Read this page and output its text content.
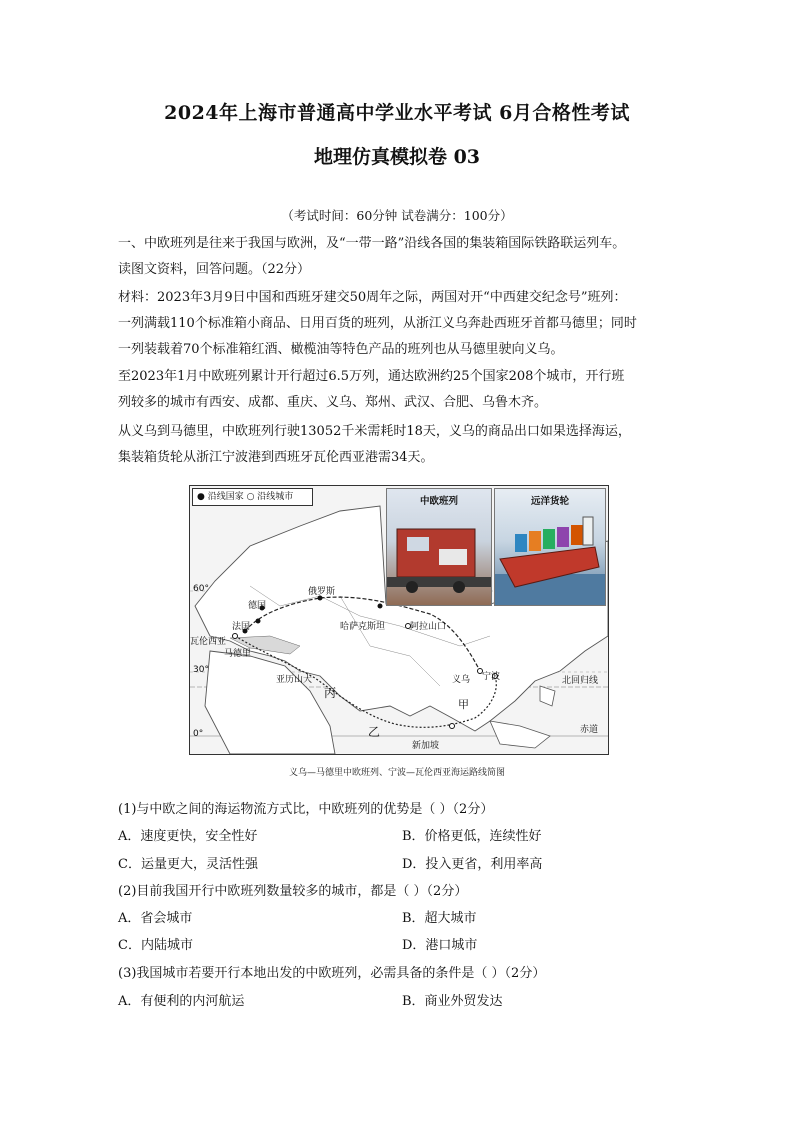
2024年上海市普通高中学业水平考试 6月合格性考试
地理仿真模拟卷 03
（考试时间：60分钟 试卷满分：100分）
一、中欧班列是往来于我国与欧洲，及“一带一路”沿线各国的集装箱国际铁路联运列车。
读图文资料，回答问题。（22分）
材料：2023年3月9日中国和西班牙建交50周年之际，两国对开“中西建交纪念号”班列：
一列满载110个标准箱小商品、日用百货的班列，从浙江义乌奔赴西班牙首都马德里；同时
一列装载着70个标准箱红酒、橄榄油等特色产品的班列也从马德里驶向义乌。
至2023年1月中欧班列累计开行超过6.5万列，通达欧洲约25个国家208个城市，开行班
列较多的城市有西安、成都、重庆、义乌、郑州、武汉、合肥、乌鲁木齐。
从义乌到马德里，中欧班列行驶13052千米需耗时18天，义乌的商品出口如果选择海运，
集装箱货轮从浙江宁波港到西班牙瓦伦西亚港需34天。
● 沿线国家 ○ 沿线城市	中欧班列	远洋货轮
60°
30°
0°
北回归线
赤道
俄罗斯
德国
法国
瓦伦西亚
马德里
哈萨克斯坦	阿拉山口
亚历山大
丙
乙
甲
义乌 宁波
新加坡
义乌—马德里中欧班列、宁波—瓦伦西亚海运路线简图
(1)与中欧之间的海运物流方式比，中欧班列的优势是（ ）（2分）
A．速度更快，安全性好	B．价格更低，连续性好
C．运量更大，灵活性强	D．投入更省，利用率高
(2)目前我国开行中欧班列数量较多的城市，都是（ ）（2分）
A．省会城市	B．超大城市
C．内陆城市	D．港口城市
(3)我国城市若要开行本地出发的中欧班列，必需具备的条件是（ ）（2分）
A．有便利的内河航运	B．商业外贸发达
